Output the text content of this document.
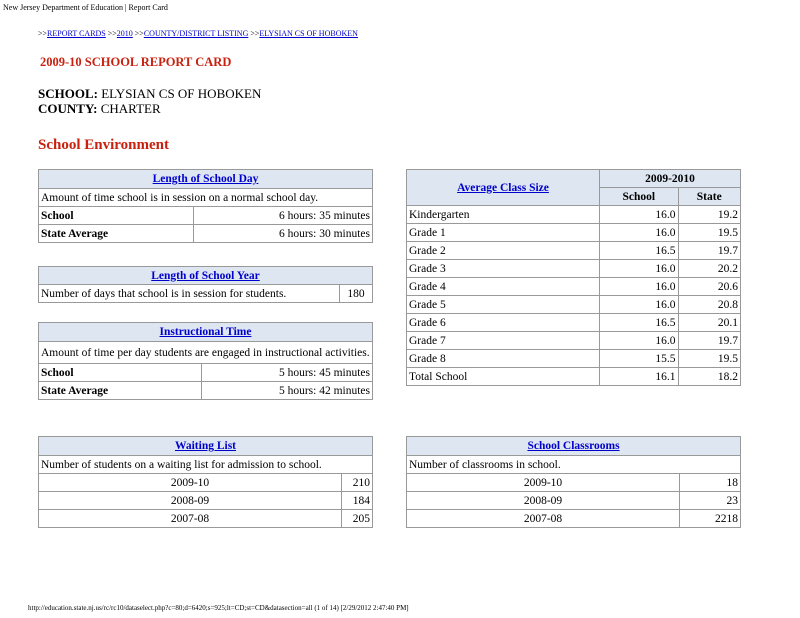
New Jersey Department of Education | Report Card
>>REPORT CARDS >>2010 >>COUNTY/DISTRICT LISTING >>ELYSIAN CS OF HOBOKEN
2009-10 SCHOOL REPORT CARD
SCHOOL: ELYSIAN CS OF HOBOKEN
COUNTY: CHARTER
School Environment
Length of School Day	
Amount of time school is in session on a normal school day.	
School	6 hours: 35 minutes
State Average	6 hours: 30 minutes
Length of School Year
Number of days that school is in session for students.	180
Instructional Time	
Amount of time per day students are engaged in instructional activities.	
School	5 hours: 45 minutes
State Average	5 hours: 42 minutes
Average Class Size	2009-2010	
	School	State
Kindergarten	16.0	19.2
Grade 1	16.0	19.5
Grade 2	16.5	19.7
Grade 3	16.0	20.2
Grade 4	16.0	20.6
Grade 5	16.0	20.8
Grade 6	16.5	20.1
Grade 7	16.0	19.7
Grade 8	15.5	19.5
Total School	16.1	18.2
Waiting List	
Number of students on a waiting list for admission to school.	
2009-10	210
2008-09	184
2007-08	205
School Classrooms	
Number of classrooms in school.	
2009-10	18
2008-09	23
2007-08	2218
http://education.state.nj.us/rc/rc10/dataselect.php?c=80;d=6420;s=925;lt=CD;st=CD&datasection=all (1 of 14) [2/29/2012 2:47:40 PM]
